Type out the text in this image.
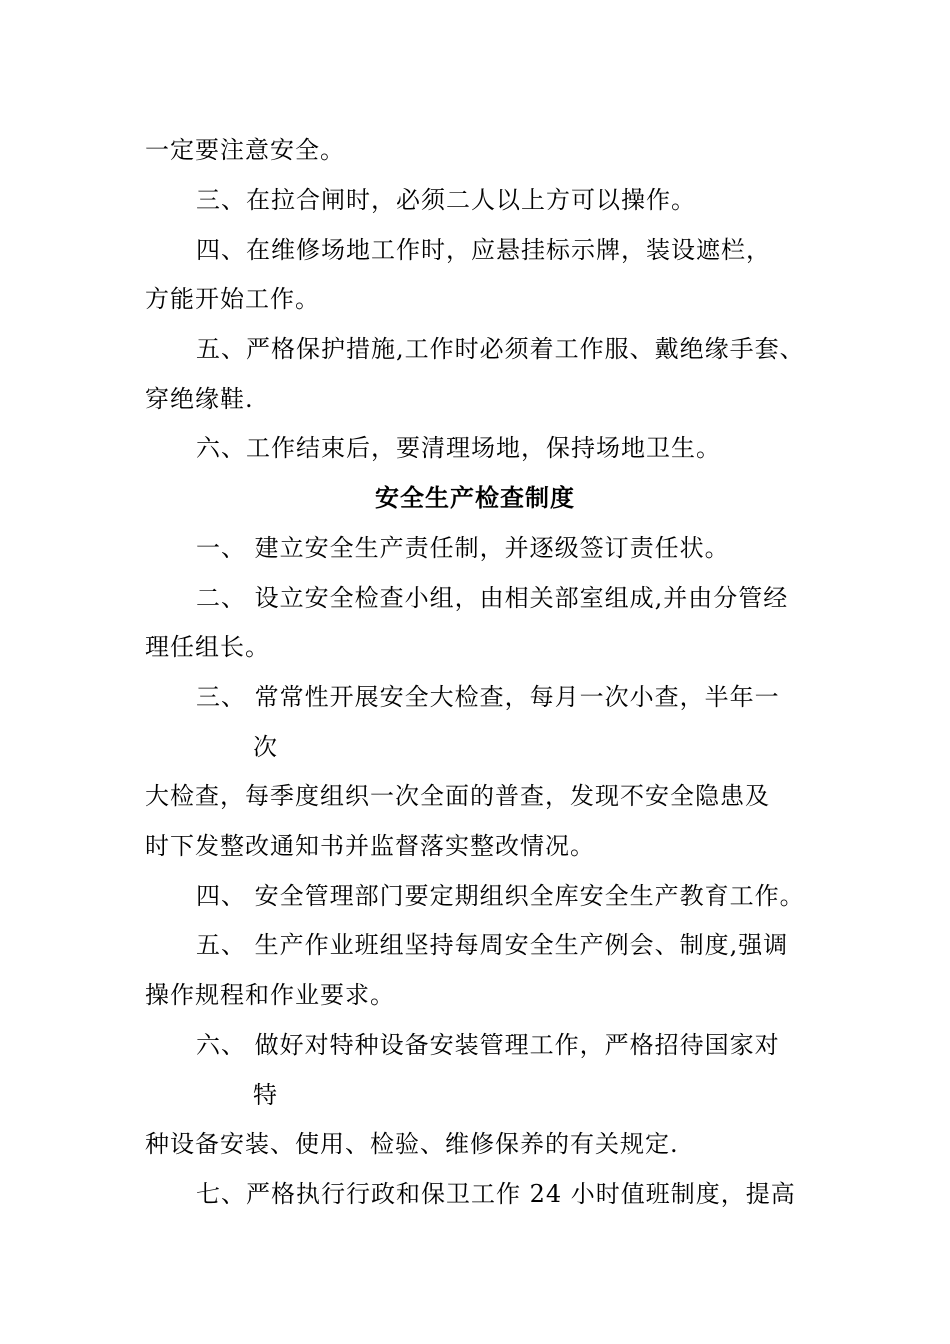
一定要注意安全。
三、在拉合闸时，必须二人以上方可以操作。
四、在维修场地工作时，应悬挂标示牌，装设遮栏，
方能开始工作。
五、严格保护措施,工作时必须着工作服、戴绝缘手套、
穿绝缘鞋.
六、工作结束后，要清理场地，保持场地卫生。
安全生产检查制度
一、 建立安全生产责任制，并逐级签订责任状。
二、 设立安全检查小组，由相关部室组成,并由分管经
理任组长。
三、 常常性开展安全大检查，每月一次小查，半年一
次
大检查，每季度组织一次全面的普查，发现不安全隐患及
时下发整改通知书并监督落实整改情况。
四、 安全管理部门要定期组织全库安全生产教育工作。
五、 生产作业班组坚持每周安全生产例会、制度,强调
操作规程和作业要求。
六、 做好对特种设备安装管理工作，严格招待国家对
特
种设备安装、使用、检验、维修保养的有关规定.
七、严格执行行政和保卫工作 24 小时值班制度，提高
